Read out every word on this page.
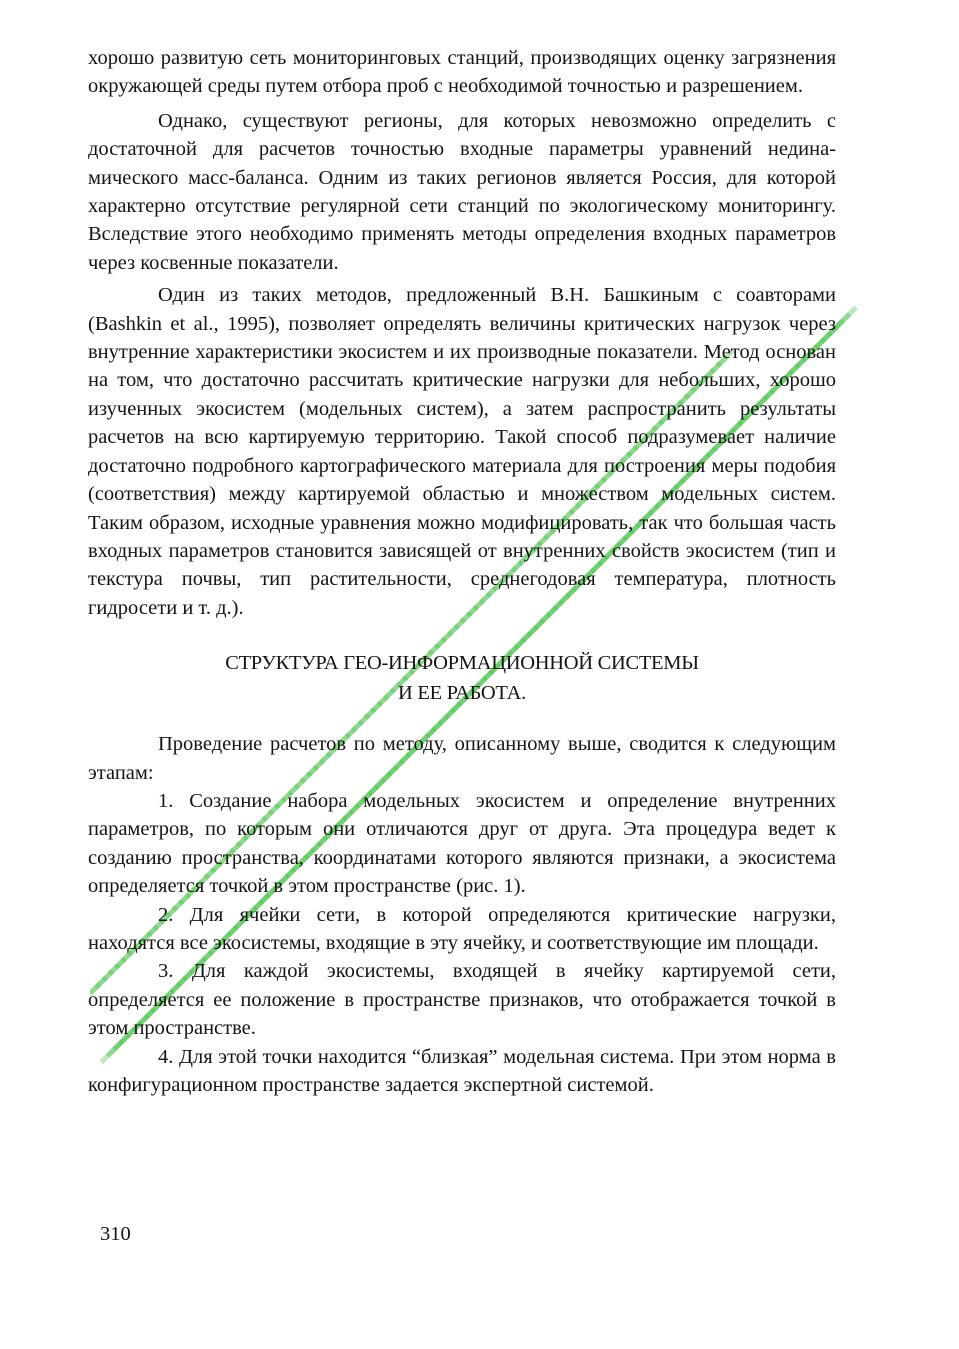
хорошо развитую сеть мониторинговых станций, производящих оценку загрязнения окружающей среды путем отбора проб с необходимой точностью и разрешением.

Однако, существуют регионы, для которых невозможно определить с достаточной для расчетов точностью входные параметры уравнений нединамического масс-баланса. Одним из таких регионов является Россия, для которой характерно отсутствие регулярной сети станций по экологическому мониторингу. Вследствие этого необходимо применять методы определения входных параметров через косвенные показатели.

Один из таких методов, предложенный В.Н. Башкиным с соавторами (Bashkin et al., 1995), позволяет определять величины критических нагрузок через внутренние характеристики экосистем и их производные показатели. Метод основан на том, что достаточно рассчитать критические нагрузки для небольших, хорошо изученных экосистем (модельных систем), а затем распространить результаты расчетов на всю картируемую территорию. Такой способ подразумевает наличие достаточно подробного картографического материала для построения меры подобия (соответствия) между картируемой областью и множеством модельных систем. Таким образом, исходные уравнения можно модифицировать, так что большая часть входных параметров становится зависящей от внутренних свойств экосистем (тип и текстура почвы, тип растительности, среднегодовая температура, плотность гидросети и т. д.).

СТРУКТУРА ГЕО-ИНФОРМАЦИОННОЙ СИСТЕМЫ
И ЕЕ РАБОТА.

Проведение расчетов по методу, описанному выше, сводится к следующим этапам:

1. Создание набора модельных экосистем и определение внутренних параметров, по которым они отличаются друг от друга. Эта процедура ведет к созданию пространства, координатами которого являются признаки, а экосистема определяется точкой в этом пространстве (рис. 1).

2. Для ячейки сети, в которой определяются критические нагрузки, находятся все экосистемы, входящие в эту ячейку, и соответствующие им площади.

3. Для каждой экосистемы, входящей в ячейку картируемой сети, определяется ее положение в пространстве признаков, что отображается точкой в этом пространстве.

4. Для этой точки находится “близкая” модельная система. При этом норма в конфигурационном пространстве задается экспертной системой.

310
